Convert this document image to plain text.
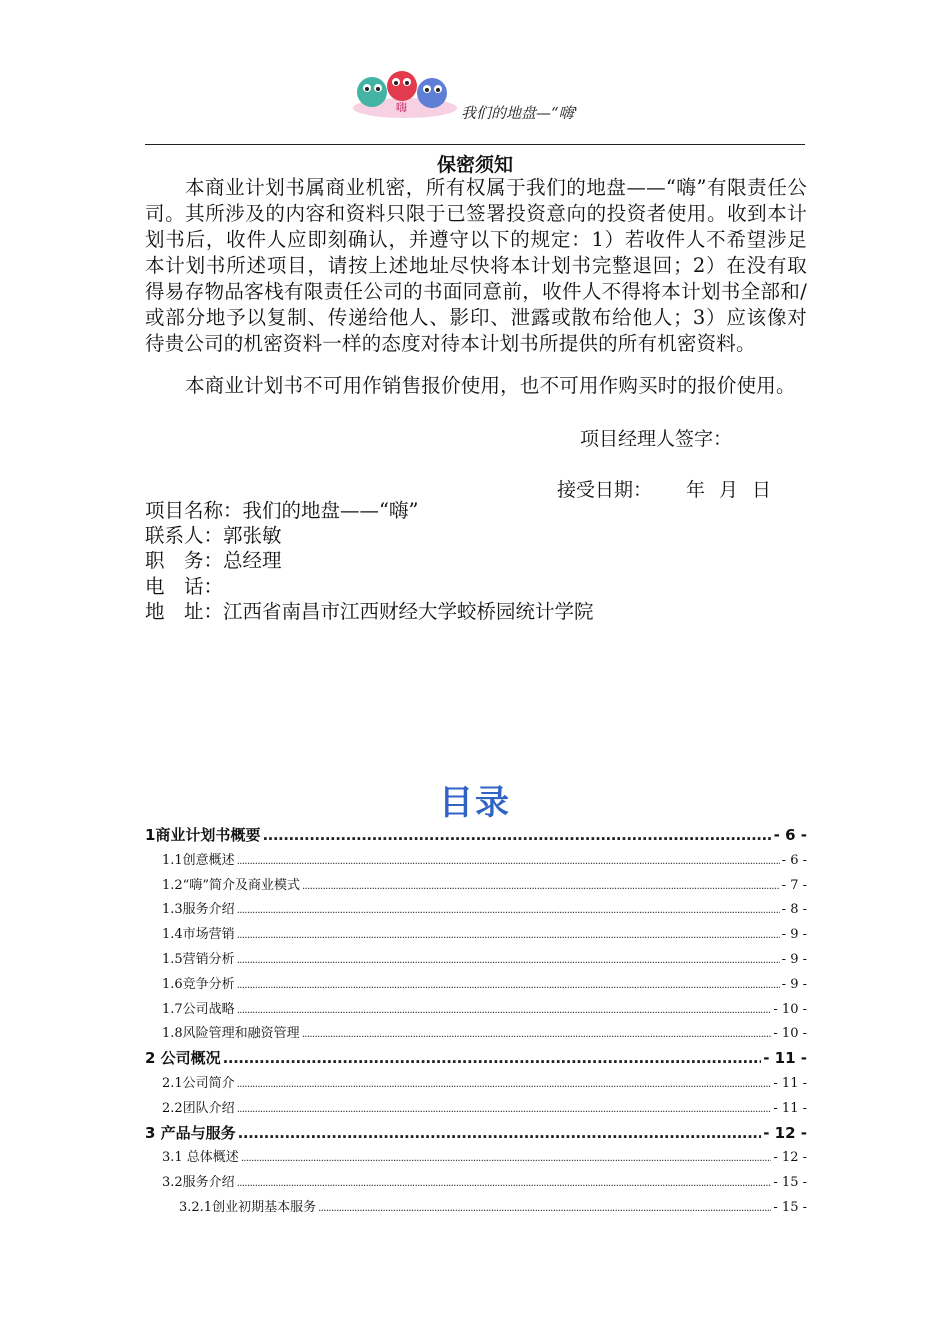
嗨	我们的地盘—“嗨'
保密须知

本商业计划书属商业机密，所有权属于我们的地盘——“嗨”有限责任公司。其所涉及的内容和资料只限于已签署投资意向的投资者使用。收到本计划书后，收件人应即刻确认，并遵守以下的规定：1）若收件人不希望涉足本计划书所述项目，请按上述地址尽快将本计划书完整退回；2）在没有取得易存物品客栈有限责任公司的书面同意前，收件人不得将本计划书全部和/或部分地予以复制、传递给他人、影印、泄露或散布给他人；3）应该像对待贵公司的机密资料一样的态度对待本计划书所提供的所有机密资料。

本商业计划书不可用作销售报价使用，也不可用作购买时的报价使用。

项目经理人签字：
接受日期： 年 月 日
项目名称：我们的地盘——“嗨”
联系人：郭张敏
职　务：总经理
电　话：
地　址：江西省南昌市江西财经大学蛟桥园统计学院
目录
1商业计划书概要 .....	- 6 -
1.1创意概述 .....	- 6 -
1.2“嗨”简介及商业模式 .....	- 7 -
1.3服务介绍 .....	- 8 -
1.4市场营销 .....	- 9 -
1.5营销分析 .....	- 9 -
1.6竞争分析 .....	- 9 -
1.7公司战略 .....	- 10 -
1.8风险管理和融资管理 .....	- 10 -
2 公司概况 .....	- 11 -
2.1公司简介 .....	- 11 -
2.2团队介绍 .....	- 11 -
3 产品与服务 .....	- 12 -
3.1 总体概述 .....	- 12 -
3.2服务介绍 .....	- 15 -
3.2.1创业初期基本服务 .....	- 15 -
